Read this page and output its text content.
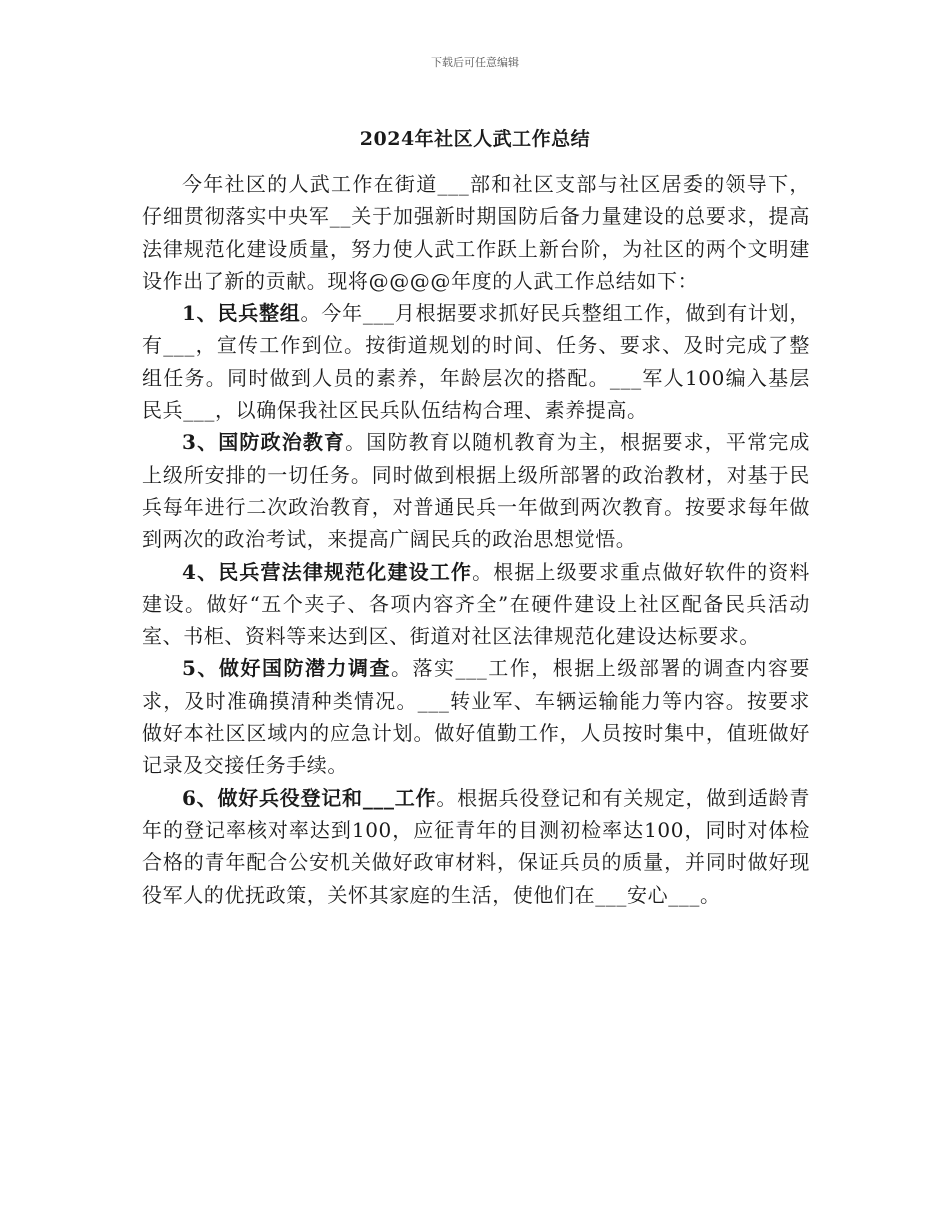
下载后可任意编辑
2024年社区人武工作总结

今年社区的人武工作在街道___部和社区支部与社区居委的领导下，仔细贯彻落实中央军__关于加强新时期国防后备力量建设的总要求，提高法律规范化建设质量，努力使人武工作跃上新台阶，为社区的两个文明建设作出了新的贡献。现将@@@@年度的人武工作总结如下：

1、民兵整组。今年___月根据要求抓好民兵整组工作，做到有计划，有___，宣传工作到位。按街道规划的时间、任务、要求、及时完成了整组任务。同时做到人员的素养，年龄层次的搭配。___军人100编入基层民兵___，以确保我社区民兵队伍结构合理、素养提高。

3、国防政治教育。国防教育以随机教育为主，根据要求，平常完成上级所安排的一切任务。同时做到根据上级所部署的政治教材，对基于民兵每年进行二次政治教育，对普通民兵一年做到两次教育。按要求每年做到两次的政治考试，来提高广阔民兵的政治思想觉悟。

4、民兵营法律规范化建设工作。根据上级要求重点做好软件的资料建设。做好“五个夹子、各项内容齐全”在硬件建设上社区配备民兵活动室、书柜、资料等来达到区、街道对社区法律规范化建设达标要求。

5、做好国防潜力调查。落实___工作，根据上级部署的调查内容要求，及时准确摸清种类情况。___转业军、车辆运输能力等内容。按要求做好本社区区域内的应急计划。做好值勤工作，人员按时集中，值班做好记录及交接任务手续。

6、做好兵役登记和___工作。根据兵役登记和有关规定，做到适龄青年的登记率核对率达到100，应征青年的目测初检率达100，同时对体检合格的青年配合公安机关做好政审材料，保证兵员的质量，并同时做好现役军人的优抚政策，关怀其家庭的生活，使他们在___安心___。
